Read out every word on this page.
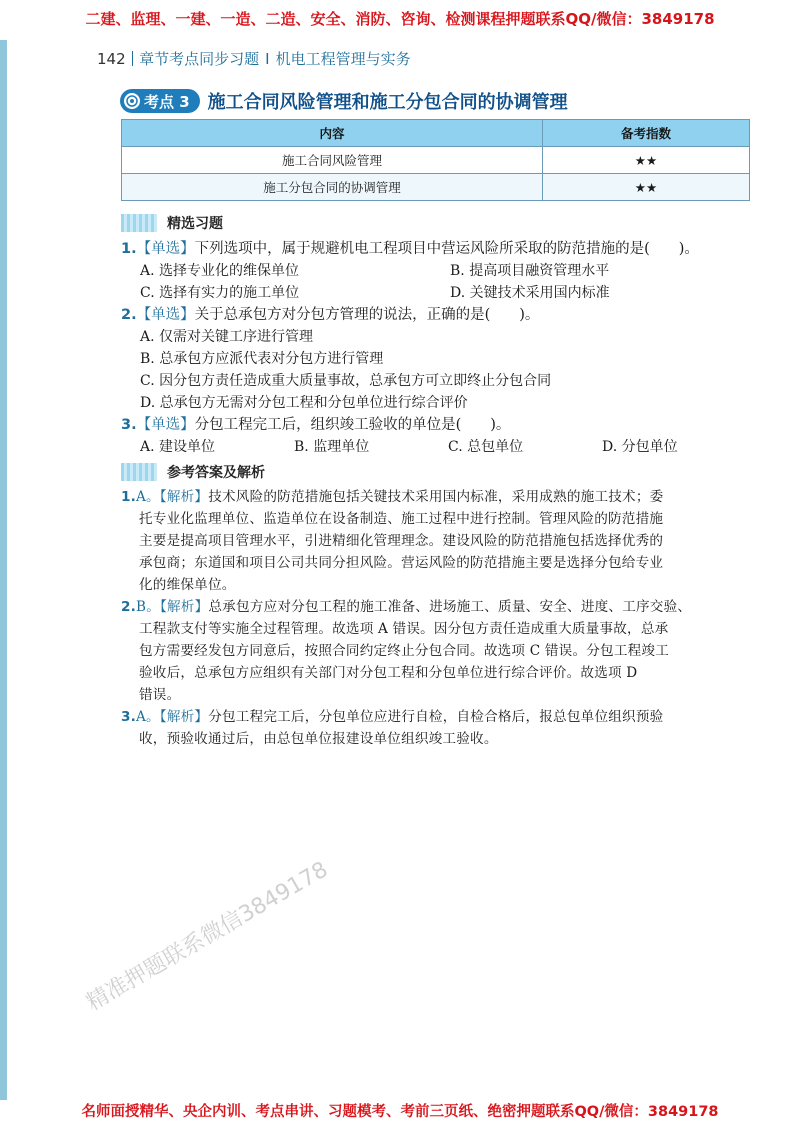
二建、监理、一建、一造、二造、安全、消防、咨询、检测课程押题联系QQ/微信：3849178
142 章节考点同步习题 I 机电工程管理与实务
考点 3 施工合同风险管理和施工分包合同的协调管理
内容	备考指数
施工合同风险管理	★★
施工分包合同的协调管理	★★
精选习题
1.【单选】下列选项中，属于规避机电工程项目中营运风险所采取的防范措施的是(　　)。
A. 选择专业化的维保单位	B. 提高项目融资管理水平
C. 选择有实力的施工单位	D. 关键技术采用国内标准
2.【单选】关于总承包方对分包方管理的说法，正确的是(　　)。
A. 仅需对关键工序进行管理
B. 总承包方应派代表对分包方进行管理
C. 因分包方责任造成重大质量事故，总承包方可立即终止分包合同
D. 总承包方无需对分包工程和分包单位进行综合评价
3.【单选】分包工程完工后，组织竣工验收的单位是(　　)。
A. 建设单位	B. 监理单位	C. 总包单位	D. 分包单位
参考答案及解析
1.A。【解析】技术风险的防范措施包括关键技术采用国内标准，采用成熟的施工技术；委
托专业化监理单位、监造单位在设备制造、施工过程中进行控制。管理风险的防范措施
主要是提高项目管理水平，引进精细化管理理念。建设风险的防范措施包括选择优秀的
承包商；东道国和项目公司共同分担风险。营运风险的防范措施主要是选择分包给专业
化的维保单位。
2.B。【解析】总承包方应对分包工程的施工准备、进场施工、质量、安全、进度、工序交验、
工程款支付等实施全过程管理。故选项 A 错误。因分包方责任造成重大质量事故，总承
包方需要经发包方同意后，按照合同约定终止分包合同。故选项 C 错误。分包工程竣工
验收后，总承包方应组织有关部门对分包工程和分包单位进行综合评价。故选项 D
错误。
3.A。【解析】分包工程完工后，分包单位应进行自检，自检合格后，报总包单位组织预验
收，预验收通过后，由总包单位报建设单位组织竣工验收。
精准押题联系微信3849178
名师面授精华、央企内训、考点串讲、习题模考、考前三页纸、绝密押题联系QQ/微信：3849178
